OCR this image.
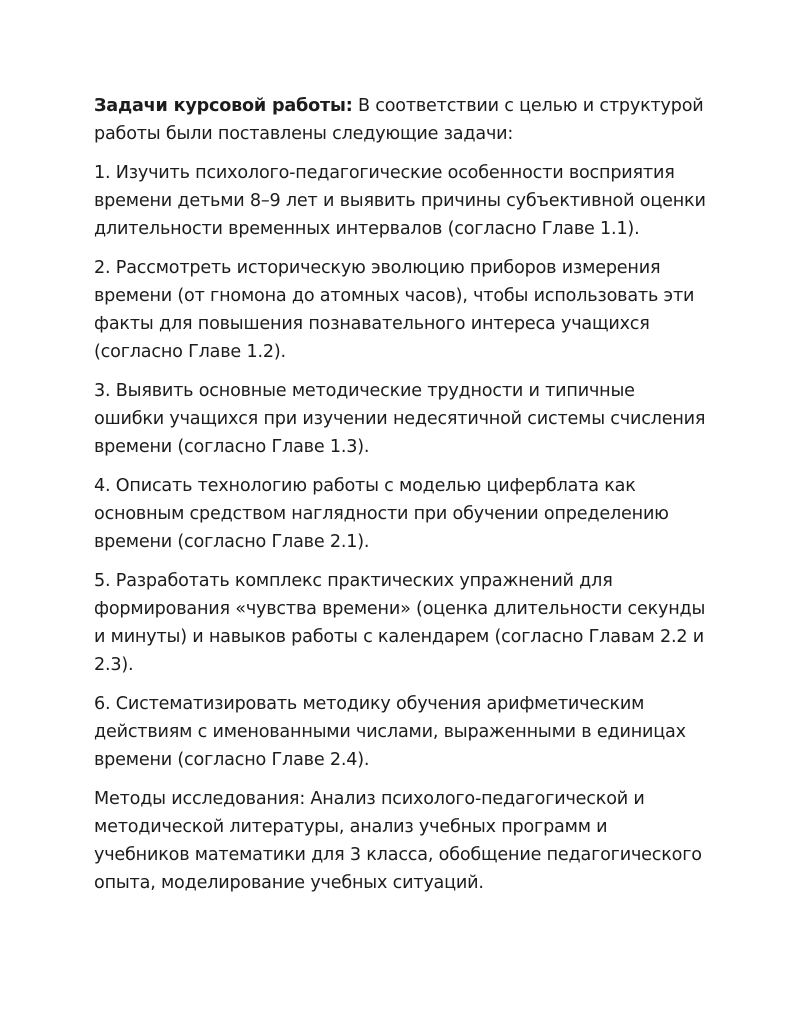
Задачи курсовой работы: В соответствии с целью и структурой работы были поставлены следующие задачи:

1. Изучить психолого-педагогические особенности восприятия времени детьми 8–9 лет и выявить причины субъективной оценки длительности временных интервалов (согласно Главе 1.1).

2. Рассмотреть историческую эволюцию приборов измерения времени (от гномона до атомных часов), чтобы использовать эти факты для повышения познавательного интереса учащихся (согласно Главе 1.2).

3. Выявить основные методические трудности и типичные ошибки учащихся при изучении недесятичной системы счисления времени (согласно Главе 1.3).

4. Описать технологию работы с моделью циферблата как основным средством наглядности при обучении определению времени (согласно Главе 2.1).

5. Разработать комплекс практических упражнений для формирования «чувства времени» (оценка длительности секунды и минуты) и навыков работы с календарем (согласно Главам 2.2 и 2.3).

6. Систематизировать методику обучения арифметическим действиям с именованными числами, выраженными в единицах времени (согласно Главе 2.4).

Методы исследования: Анализ психолого-педагогической и методической литературы, анализ учебных программ и учебников математики для 3 класса, обобщение педагогического опыта, моделирование учебных ситуаций.
